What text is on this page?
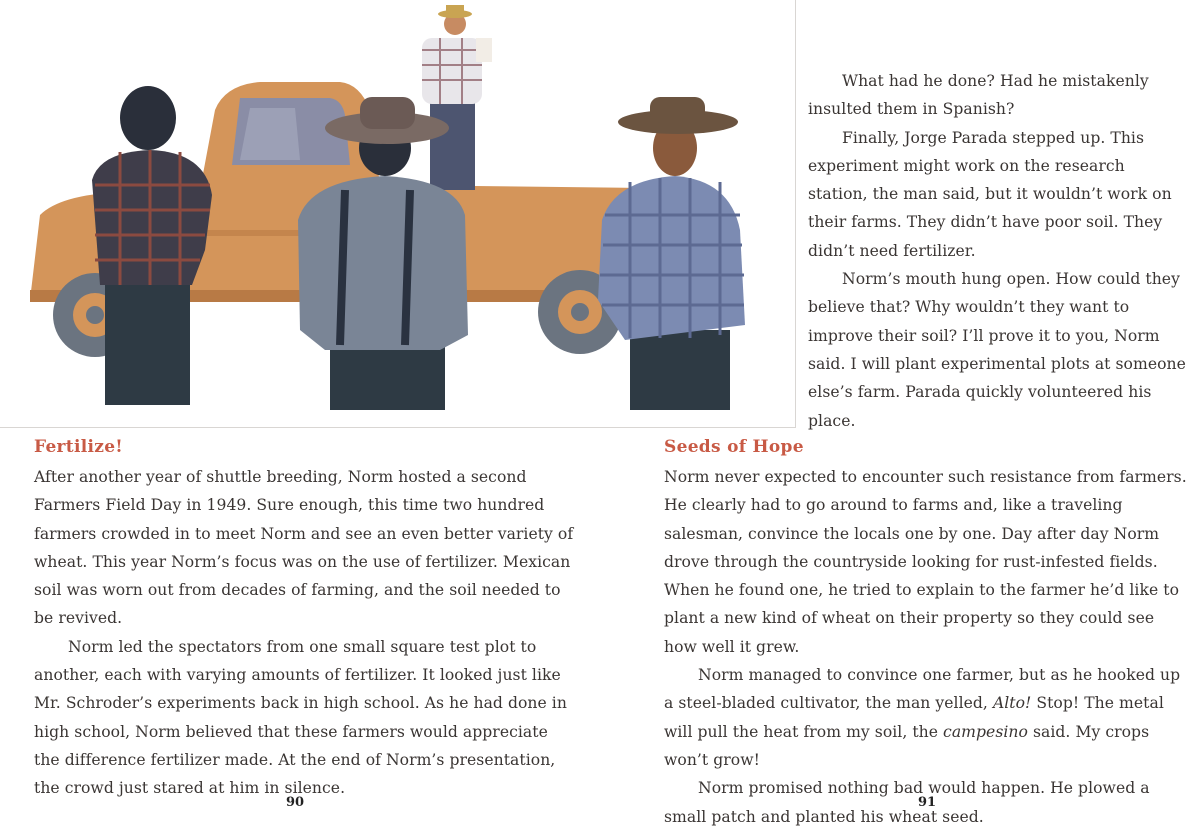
What had he done? Had he mistakenly insulted them in Spanish?

Finally, Jorge Parada stepped up. This experiment might work on the research station, the man said, but it wouldn’t work on their farms. They didn’t have poor soil. They didn’t need fertilizer.

Norm’s mouth hung open. How could they believe that? Why wouldn’t they want to improve their soil? I’ll prove it to you, Norm said. I will plant experimental plots at someone else’s farm. Parada quickly volunteered his place.

Fertilize!

After another year of shuttle breeding, Norm hosted a second Farmers Field Day in 1949. Sure enough, this time two hundred farmers crowded in to meet Norm and see an even better variety of wheat. This year Norm’s focus was on the use of fertilizer. Mexican soil was worn out from decades of farming, and the soil needed to be revived.

Norm led the spectators from one small square test plot to another, each with varying amounts of fertilizer. It looked just like Mr. Schroder’s experiments back in high school. As he had done in high school, Norm believed that these farmers would appreciate the difference fertilizer made. At the end of Norm’s presentation, the crowd just stared at him in silence.

90
Seeds of Hope

Norm never expected to encounter such resistance from farmers. He clearly had to go around to farms and, like a traveling salesman, convince the locals one by one. Day after day Norm drove through the countryside looking for rust-infested fields. When he found one, he tried to explain to the farmer he’d like to plant a new kind of wheat on their property so they could see how well it grew.

Norm managed to convince one farmer, but as he hooked up a steel-bladed cultivator, the man yelled, Alto! Stop! The metal will pull the heat from my soil, the campesino said. My crops won’t grow!

Norm promised nothing bad would happen. He plowed a small patch and planted his wheat seed.

91
